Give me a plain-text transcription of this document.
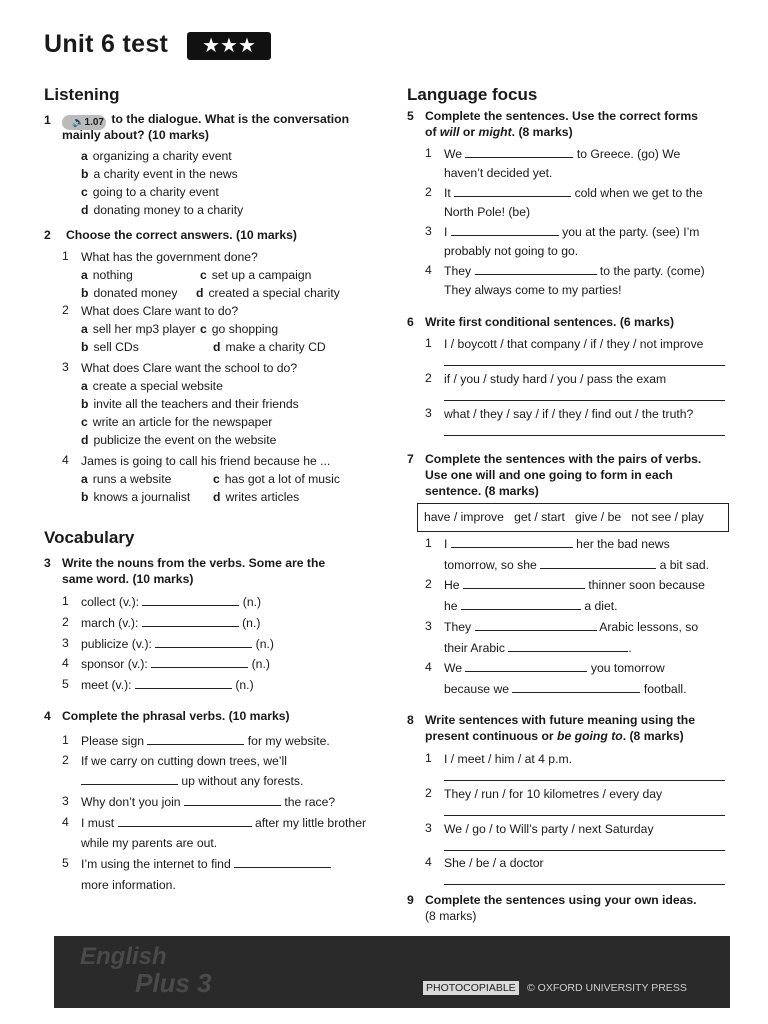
Unit 6 test ★★★
Listening
1	🔊1.07 to the dialogue. What is the conversation
mainly about? (10 marks)
a organizing a charity event
b a charity event in the news
c going to a charity event
d donating money to a charity
2 Choose the correct answers. (10 marks)
1 What has the government done?
a nothing	c set up a campaign
b donated money d created a special charity
2 What does Clare want to do?
a sell her mp3 player c go shopping
b sell CDs	d make a charity CD
3 What does Clare want the school to do?
a create a special website
b invite all the teachers and their friends
c write an article for the newspaper
d publicize the event on the website
4 James is going to call his friend because he ...
a runs a website	c has got a lot of music
b knows a journalist d writes articles
Vocabulary
3 Write the nouns from the verbs. Some are the
same word. (10 marks)
1 collect (v.):	(n.)
2 march (v.):	(n.)
3 publicize (v.):	(n.)
4 sponsor (v.):	(n.)
5 meet (v.):	(n.)
4 Complete the phrasal verbs. (10 marks)
1 Please sign	for my website.
2 If we carry on cutting down trees, we’ll
up without any forests.
3 Why don’t you join	the race?
4 I must	after my little brother
while my parents are out.
5 I’m using the internet to find
more information.
Language focus
5 Complete the sentences. Use the correct forms
of will or might. (8 marks)
1 We	to Greece. (go) We
haven’t decided yet.
2 It	cold when we get to the
North Pole! (be)
3 I	you at the party. (see) I’m
probably not going to go.
4 They	to the party. (come)
They always come to my parties!
6 Write first conditional sentences. (6 marks)
1 I / boycott / that company / if / they / not improve
2 if / you / study hard / you / pass the exam
3 what / they / say / if / they / find out / the truth?
7 Complete the sentences with the pairs of verbs.
Use one will and one going to form in each
sentence. (8 marks)
have / improve   get / start   give / be   not see / play
1 I	her the bad news
tomorrow, so she	a bit sad.
2 He	thinner soon because
he	a diet.
3 They	Arabic lessons, so
their Arabic	.
4 We	you tomorrow
because we	football.
8 Write sentences with future meaning using the
present continuous or be going to. (8 marks)
1 I / meet / him / at 4 p.m.
2 They / run / for 10 kilometres / every day
3 We / go / to Will’s party / next Saturday
4 She / be / a doctor
9 Complete the sentences using your own ideas.
(8 marks)
English
Plus 3	PHOTOCOPIABLE © OXFORD UNIVERSITY PRESS
